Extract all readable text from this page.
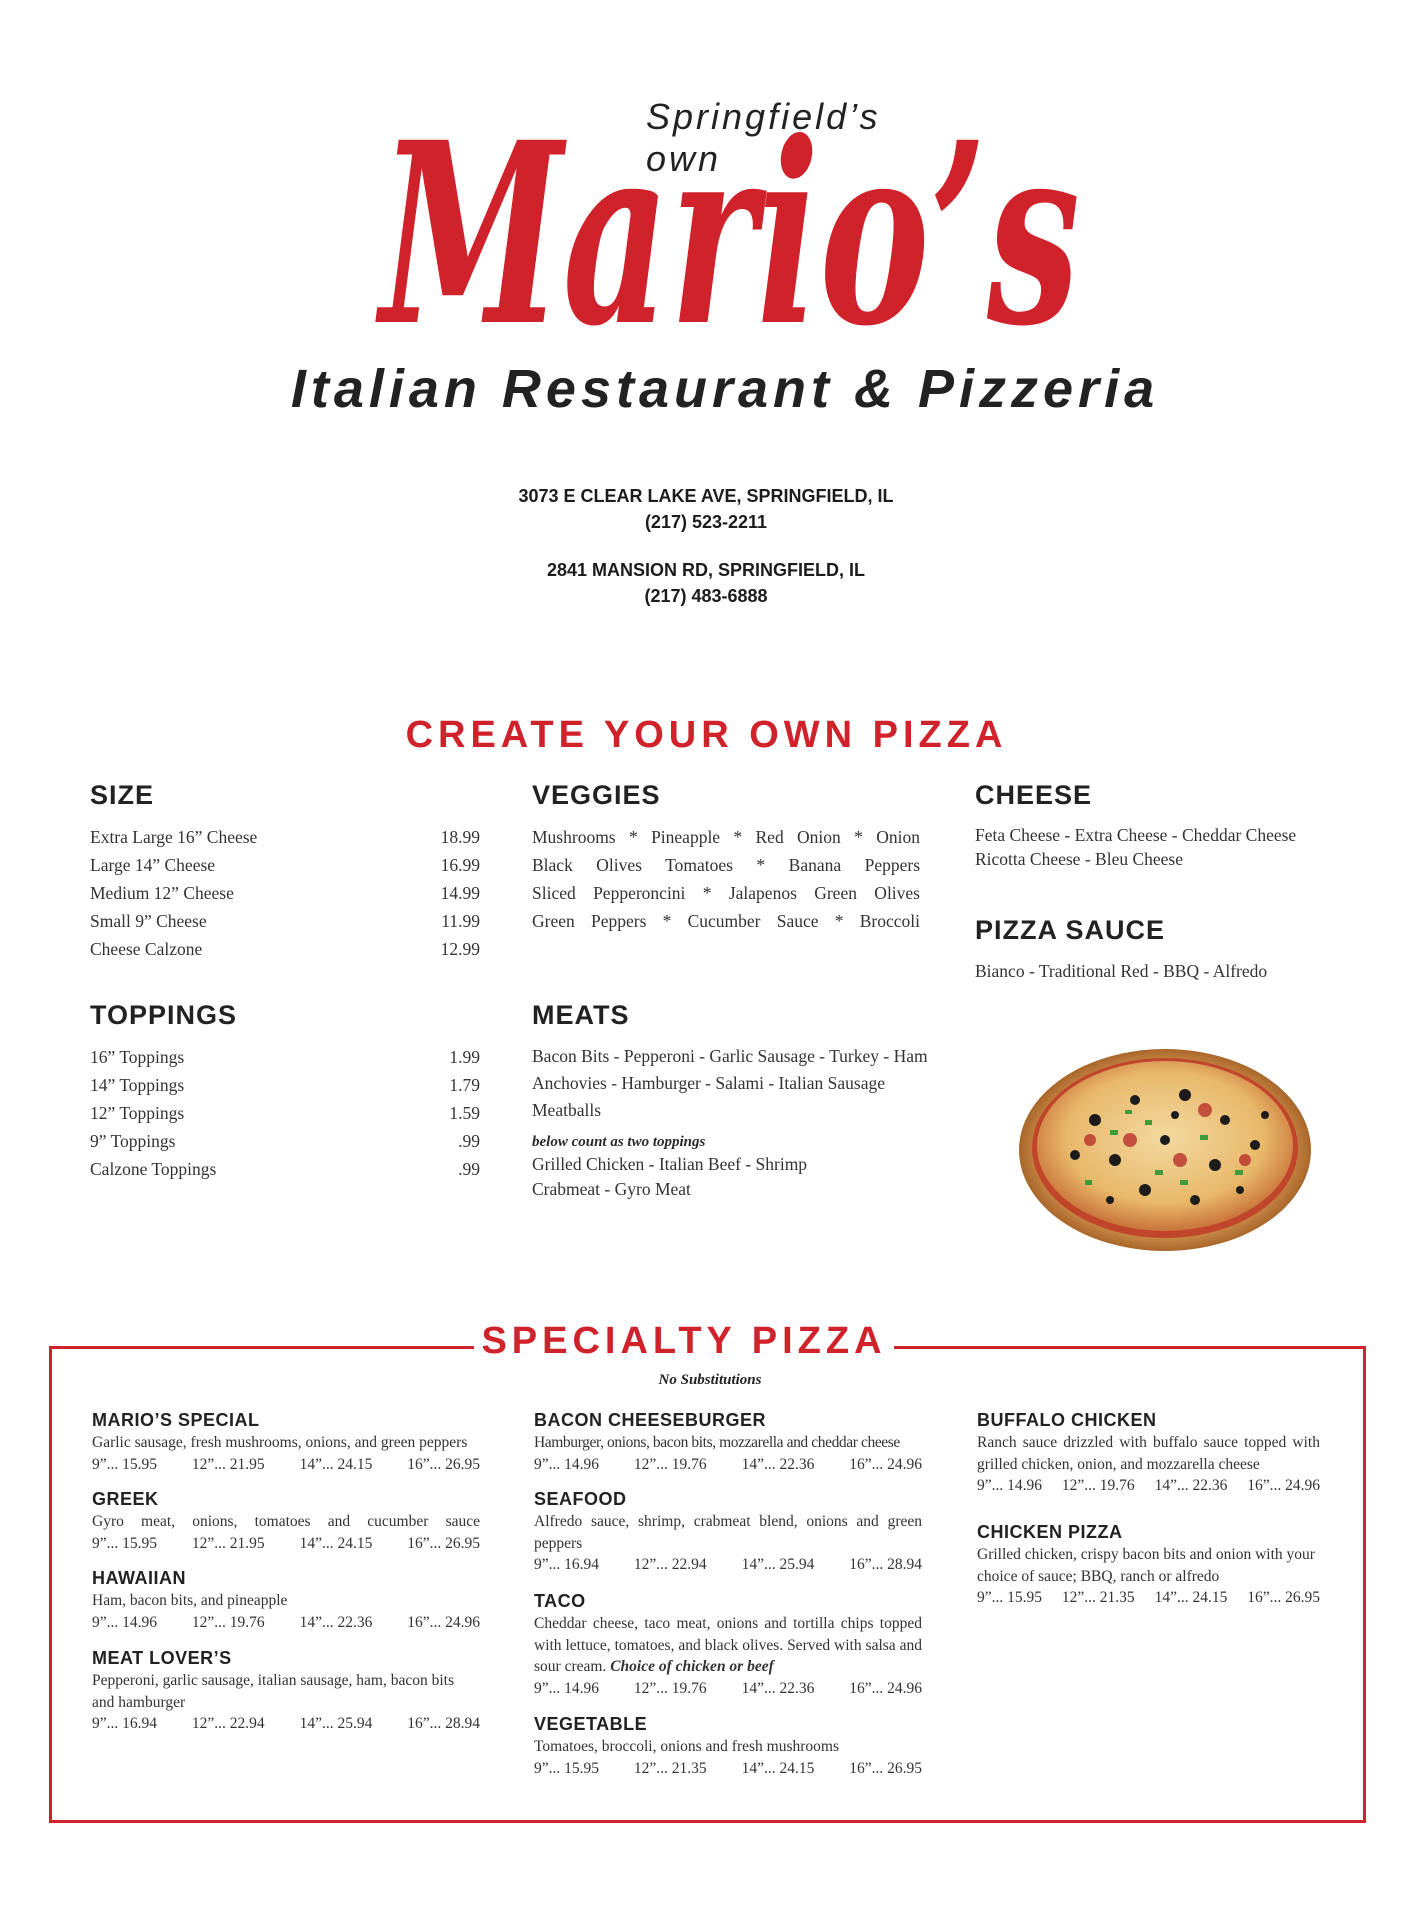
Springfield’s own
Mario’s
Italian Restaurant & Pizzeria
3073 E CLEAR LAKE AVE, SPRINGFIELD, IL
(217) 523-2211
2841 MANSION RD, SPRINGFIELD, IL
(217) 483-6888
CREATE YOUR OWN PIZZA
SIZE
Extra Large 16” Cheese	18.99
Large 14” Cheese	16.99
Medium 12” Cheese	14.99
Small 9” Cheese	11.99
Cheese Calzone	12.99
TOPPINGS
16” Toppings	1.99
14” Toppings	1.79
12” Toppings	1.59
9” Toppings	.99
Calzone Toppings	.99
VEGGIES
Mushrooms * Pineapple * Red Onion * Onion
Black Olives Tomatoes * Banana Peppers
Sliced Pepperoncini * Jalapenos Green Olives
Green Peppers * Cucumber Sauce * Broccoli
MEATS
Bacon Bits - Pepperoni - Garlic Sausage - Turkey - Ham
Anchovies - Hamburger - Salami - Italian Sausage
Meatballs
below count as two toppings
Grilled Chicken - Italian Beef - Shrimp
Crabmeat - Gyro Meat
CHEESE
Feta Cheese - Extra Cheese - Cheddar Cheese
Ricotta Cheese - Bleu Cheese
PIZZA SAUCE
Bianco - Traditional Red - BBQ - Alfredo
SPECIALTY PIZZA
No Substitutions
MARIO’S SPECIAL
Garlic sausage, fresh mushrooms, onions, and green peppers
9”... 15.95 12”... 21.95 14”... 24.15 16”... 26.95
GREEK
Gyro meat, onions, tomatoes and cucumber sauce
9”... 15.95 12”... 21.95 14”... 24.15 16”... 26.95
HAWAIIAN
Ham, bacon bits, and pineapple
9”... 14.96 12”... 19.76 14”... 22.36 16”... 24.96
MEAT LOVER’S
Pepperoni, garlic sausage, italian sausage, ham, bacon bits and hamburger
9”... 16.94 12”... 22.94 14”... 25.94 16”... 28.94
BACON CHEESEBURGER
Hamburger, onions, bacon bits, mozzarella and cheddar cheese
9”... 14.96 12”... 19.76 14”... 22.36 16”... 24.96
SEAFOOD
Alfredo sauce, shrimp, crabmeat blend, onions and green peppers
9”... 16.94 12”... 22.94 14”... 25.94 16”... 28.94
TACO
Cheddar cheese, taco meat, onions and tortilla chips topped with lettuce, tomatoes, and black olives. Served with salsa and sour cream. Choice of chicken or beef
9”... 14.96 12”... 19.76 14”... 22.36 16”... 24.96
VEGETABLE
Tomatoes, broccoli, onions and fresh mushrooms
9”... 15.95 12”... 21.35 14”... 24.15 16”... 26.95
BUFFALO CHICKEN
Ranch sauce drizzled with buffalo sauce topped with grilled chicken, onion, and mozzarella cheese
9”... 14.96 12”... 19.76 14”... 22.36 16”... 24.96
CHICKEN PIZZA
Grilled chicken, crispy bacon bits and onion with your choice of sauce; BBQ, ranch or alfredo
9”... 15.95 12”... 21.35 14”... 24.15 16”... 26.95
